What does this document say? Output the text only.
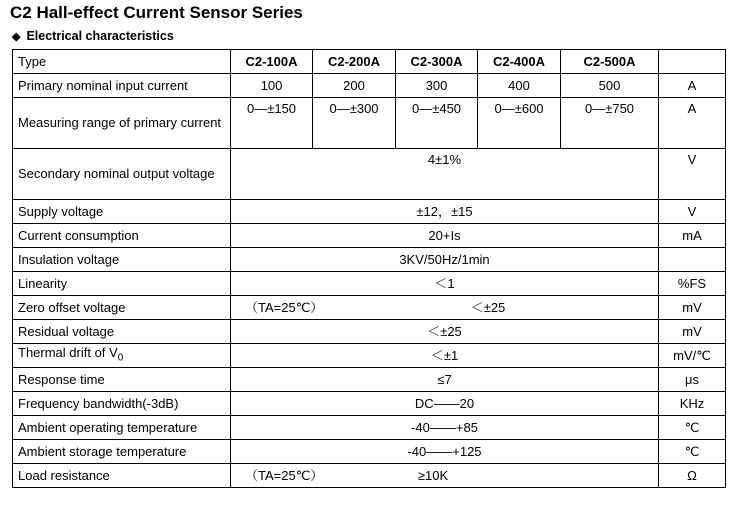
C2 Hall-effect Current Sensor Series
◆ Electrical characteristics
Type	C2-100A	C2-200A	C2-300A	C2-400A	C2-500A	
Primary nominal input current	100	200	300	400	500	A
Measuring range of primary current	0—±150	0—±300	0—±450	0—±600	0—±750	A
Secondary nominal output voltage	4±1%					V
Supply voltage	±12，±15					V
Current consumption	20+Is					mA
Insulation voltage	3KV/50Hz/1min					
Linearity	＜1					%FS
Zero offset voltage	（TA=25℃） ＜±25					mV
Residual voltage	＜±25					mV
Thermal drift of $V_0$	＜±1					mV/℃
Response time	≤7					μs
Frequency bandwidth(-3dB)	DC——20					KHz
Ambient operating temperature	-40——+85					℃
Ambient storage temperature	-40——+125					℃
Load resistance	（TA=25℃） ≥10K					Ω
